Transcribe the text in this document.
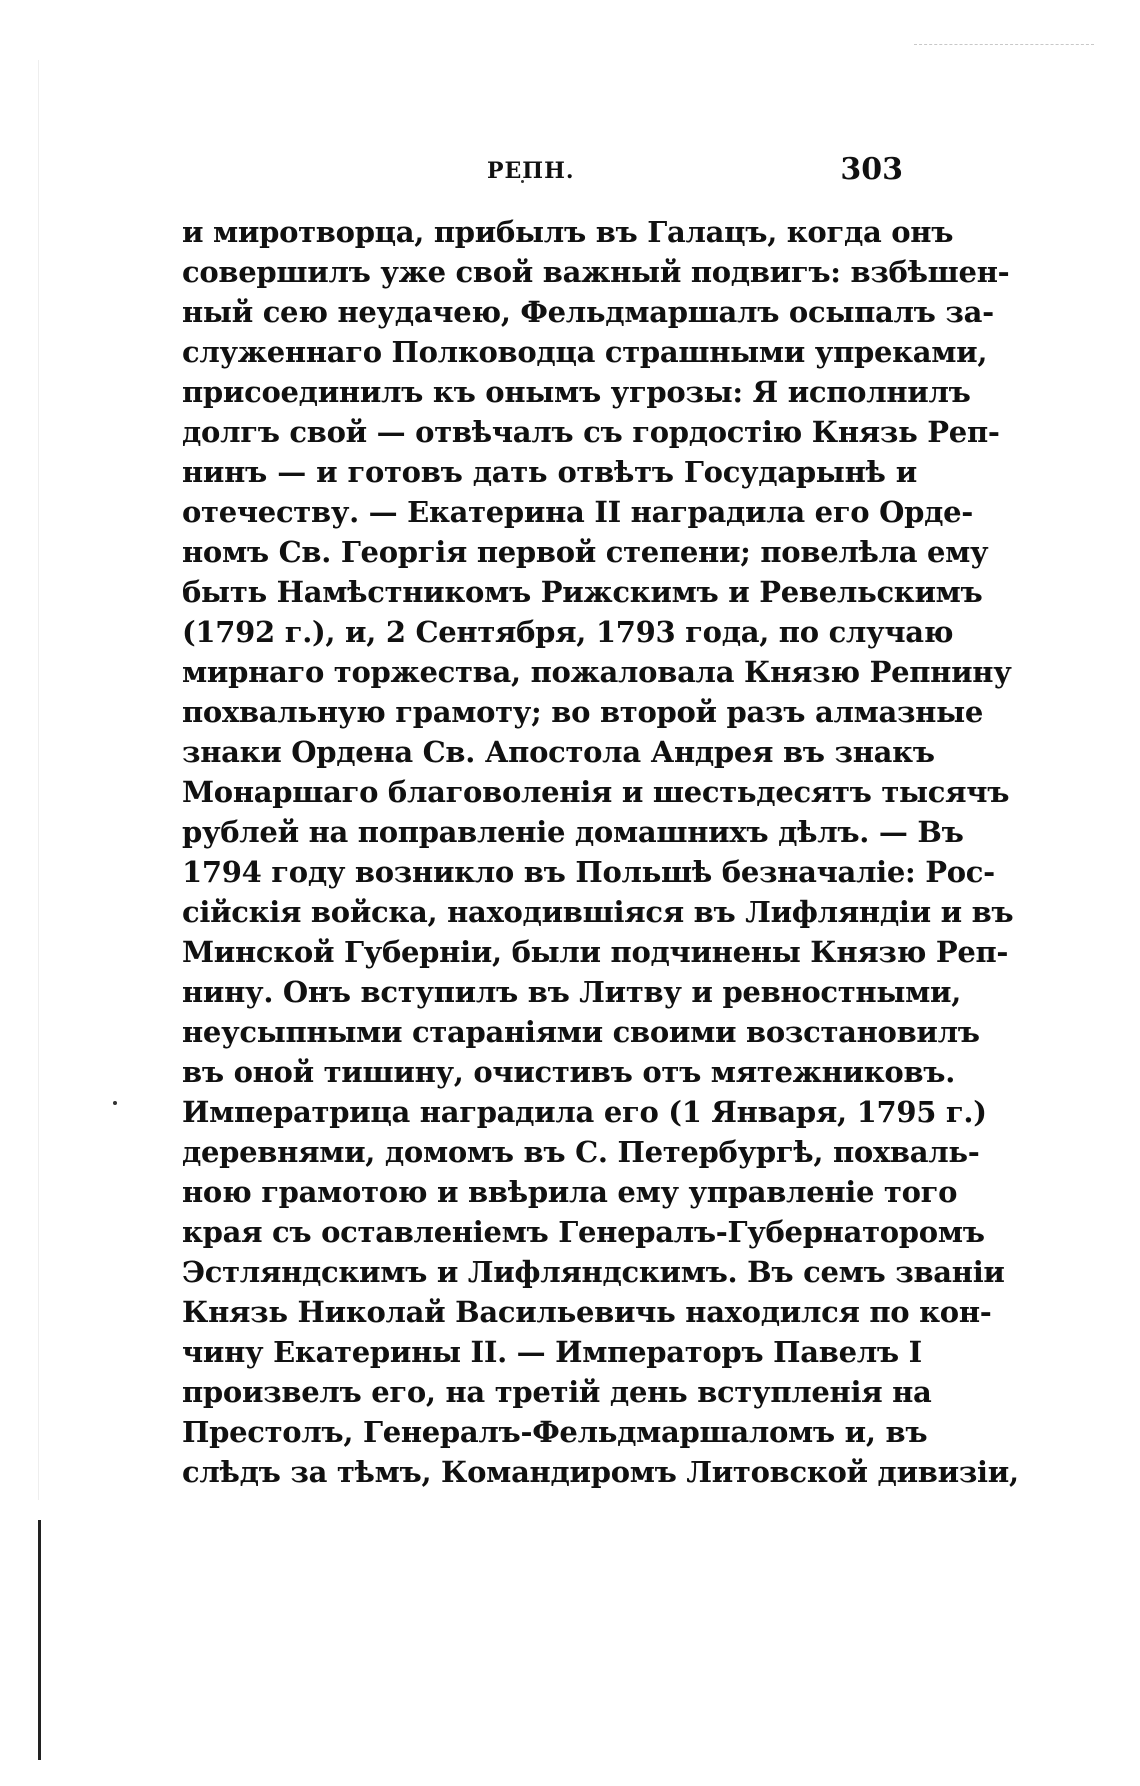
РЕПН.	303
и миротворца, прибылъ въ Галацъ, когда онъ
совершилъ уже свой важный подвигъ: взбѣшен-
ный сею неудачею, Фельдмаршалъ осыпалъ за-
служеннаго Полководца страшными упреками,
присоединилъ къ онымъ угрозы: Я исполнилъ
долгъ свой — отвѣчалъ съ гордостію Князь Реп-
нинъ — и готовъ дать отвѣтъ Государынѣ и
отечеству. — Екатерина II наградила его Орде-
номъ Св. Георгія первой степени; повелѣла ему
быть Намѣстникомъ Рижскимъ и Ревельскимъ
(1792 г.), и, 2 Сентября, 1793 года, по случаю
мирнаго торжества, пожаловала Князю Репнину
похвальную грамоту; во второй разъ алмазные
знаки Ордена Св. Апостола Андрея въ знакъ
Монаршаго благоволенія и шестьдесятъ тысячъ
рублей на поправленіе домашнихъ дѣлъ. — Въ
1794 году возникло въ Польшѣ безначаліе: Рос-
сійскія войска, находившіяся въ Лифляндіи и въ
Минской Губерніи, были подчинены Князю Реп-
нину. Онъ вступилъ въ Литву и ревностными,
неусыпными стараніями своими возстановилъ
въ оной тишину, очистивъ отъ мятежниковъ.
Императрица наградила его (1 Января, 1795 г.)
деревнями, домомъ въ С. Петербургѣ, похваль-
ною грамотою и ввѣрила ему управленіе того
края съ оставленіемъ Генералъ-Губернаторомъ
Эстляндскимъ и Лифляндскимъ. Въ семъ званіи
Князь Николай Васильевичь находился по кон-
чину Екатерины II. — Императоръ Павелъ I
произвелъ его, на третій день вступленія на
Престолъ, Генералъ-Фельдмаршаломъ и, въ
слѣдъ за тѣмъ, Командиромъ Литовской дивизіи,
